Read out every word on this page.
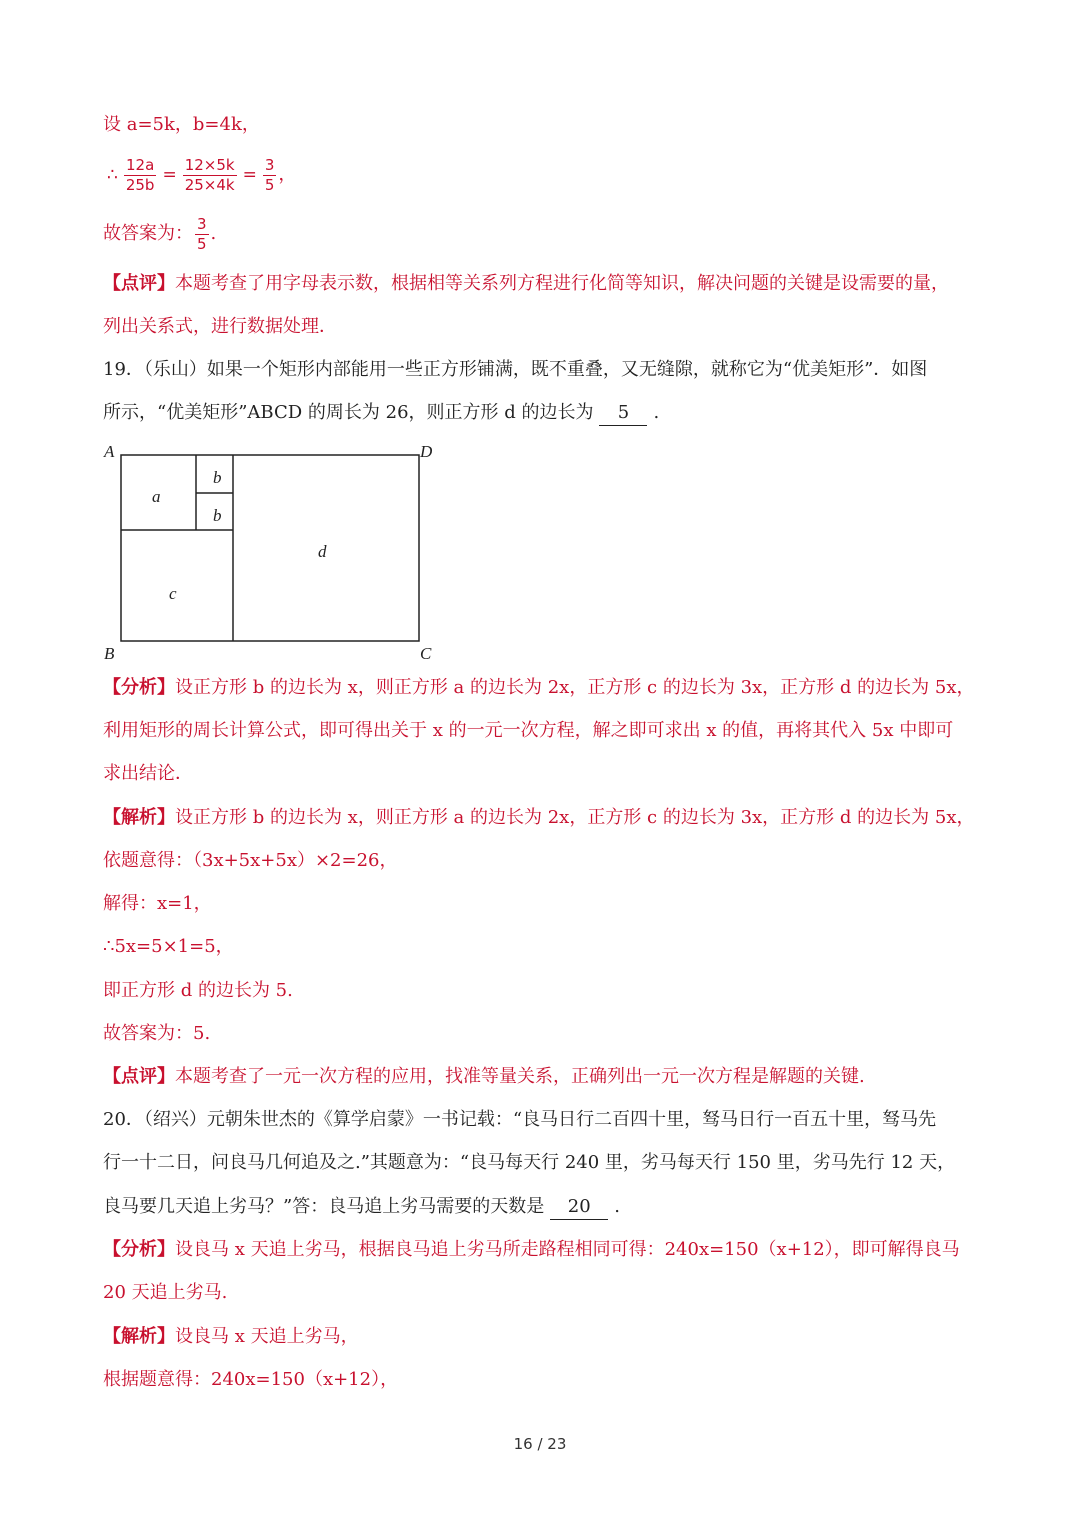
设 a=5k，b=4k，
∴ $\frac{12a}{25b} = \frac{12\times 5k}{25\times 4k} = \frac{3}{5}$ ，
故答案为： $\frac{3}{5}$ .
【点评】本题考查了用字母表示数，根据相等关系列方程进行化简等知识，解决问题的关键是设需要的量，
列出关系式，进行数据处理．
19．（乐山）如果一个矩形内部能用一些正方形铺满，既不重叠，又无缝隙，就称它为“优美矩形”．如图
所示，“优美矩形”ABCD 的周长为 26，则正方形 d 的边长为 5 .
A	D
B	C
a
b
b
c
d
【分析】设正方形 b 的边长为 x，则正方形 a 的边长为 2x，正方形 c 的边长为 3x，正方形 d 的边长为 5x，
利用矩形的周长计算公式，即可得出关于 x 的一元一次方程，解之即可求出 x 的值，再将其代入 5x 中即可
求出结论．
【解析】设正方形 b 的边长为 x，则正方形 a 的边长为 2x，正方形 c 的边长为 3x，正方形 d 的边长为 5x，
依题意得：（3x+5x+5x）×2=26，
解得：x=1，
∴5x=5×1=5，
即正方形 d 的边长为 5.
故答案为：5.
【点评】本题考查了一元一次方程的应用，找准等量关系，正确列出一元一次方程是解题的关键.
20．（绍兴）元朝朱世杰的《算学启蒙》一书记载：“良马日行二百四十里，驽马日行一百五十里，驽马先
行一十二日，问良马几何追及之.”其题意为：“良马每天行 240 里，劣马每天行 150 里，劣马先行 12 天，
良马要几天追上劣马？”答：良马追上劣马需要的天数是 20 .
【分析】设良马 x 天追上劣马，根据良马追上劣马所走路程相同可得：240x=150（x+12），即可解得良马
20 天追上劣马.
【解析】设良马 x 天追上劣马，
根据题意得：240x=150（x+12），
16 / 23
